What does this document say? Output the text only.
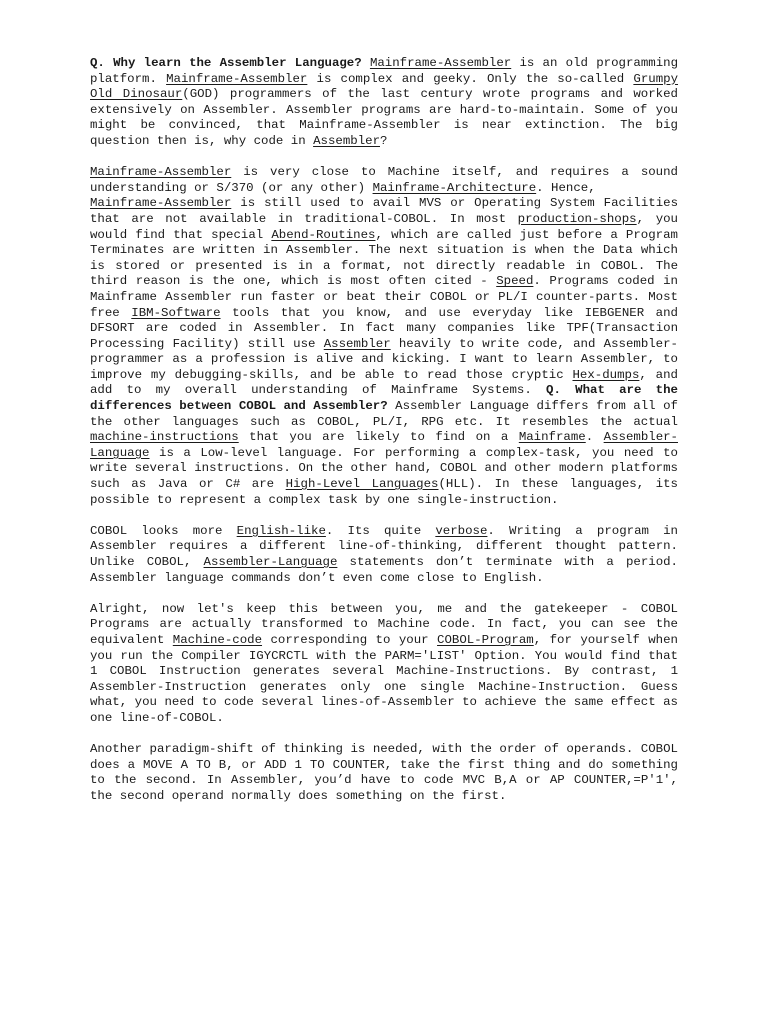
Q. Why learn the Assembler Language? Mainframe-Assembler is an old programming platform. Mainframe-Assembler is complex and geeky. Only the so-called Grumpy Old Dinosaur(GOD) programmers of the last century wrote programs and worked extensively on Assembler. Assembler programs are hard-to-maintain. Some of you might be convinced, that Mainframe-Assembler is near extinction. The big question then is, why code in Assembler?

Mainframe-Assembler is very close to Machine itself, and requires a sound understanding or S/370 (or any other) Mainframe-Architecture. Hence,

Mainframe-Assembler is still used to avail MVS or Operating System Facilities that are not available in traditional-COBOL. In most production-shops, you would find that special Abend-Routines, which are called just before a Program Terminates are written in Assembler. The next situation is when the Data which is stored or presented is in a format, not directly readable in COBOL. The third reason is the one, which is most often cited - Speed. Programs coded in Mainframe Assembler run faster or beat their COBOL or PL/I counter-parts. Most free IBM-Software tools that you know, and use everyday like IEBGENER and DFSORT are coded in Assembler. In fact many companies like TPF(Transaction Processing Facility) still use Assembler heavily to write code, and Assembler-programmer as a profession is alive and kicking. I want to learn Assembler, to improve my debugging-skills, and be able to read those cryptic Hex-dumps, and add to my overall understanding of Mainframe Systems. Q. What are the differences between COBOL and Assembler? Assembler Language differs from all of the other languages such as COBOL, PL/I, RPG etc. It resembles the actual machine-instructions that you are likely to find on a Mainframe. Assembler-Language is a Low-level language. For performing a complex-task, you need to write several instructions. On the other hand, COBOL and other modern platforms such as Java or C# are High-Level Languages(HLL). In these languages, its possible to represent a complex task by one single-instruction.

COBOL looks more English-like. Its quite verbose. Writing a program in Assembler requires a different line-of-thinking, different thought pattern. Unlike COBOL, Assembler-Language statements don’t terminate with a period. Assembler language commands don’t even come close to English.

Alright, now let's keep this between you, me and the gatekeeper - COBOL Programs are actually transformed to Machine code. In fact, you can see the equivalent Machine-code corresponding to your COBOL-Program, for yourself when you run the Compiler IGYCRCTL with the PARM='LIST' Option. You would find that 1 COBOL Instruction generates several Machine-Instructions. By contrast, 1 Assembler-Instruction generates only one single Machine-Instruction. Guess what, you need to code several lines-of-Assembler to achieve the same effect as one line-of-COBOL.

Another paradigm-shift of thinking is needed, with the order of operands. COBOL does a MOVE A TO B, or ADD 1 TO COUNTER, take the first thing and do something to the second. In Assembler, you’d have to code MVC B,A or AP COUNTER,=P'1', the second operand normally does something on the first.
